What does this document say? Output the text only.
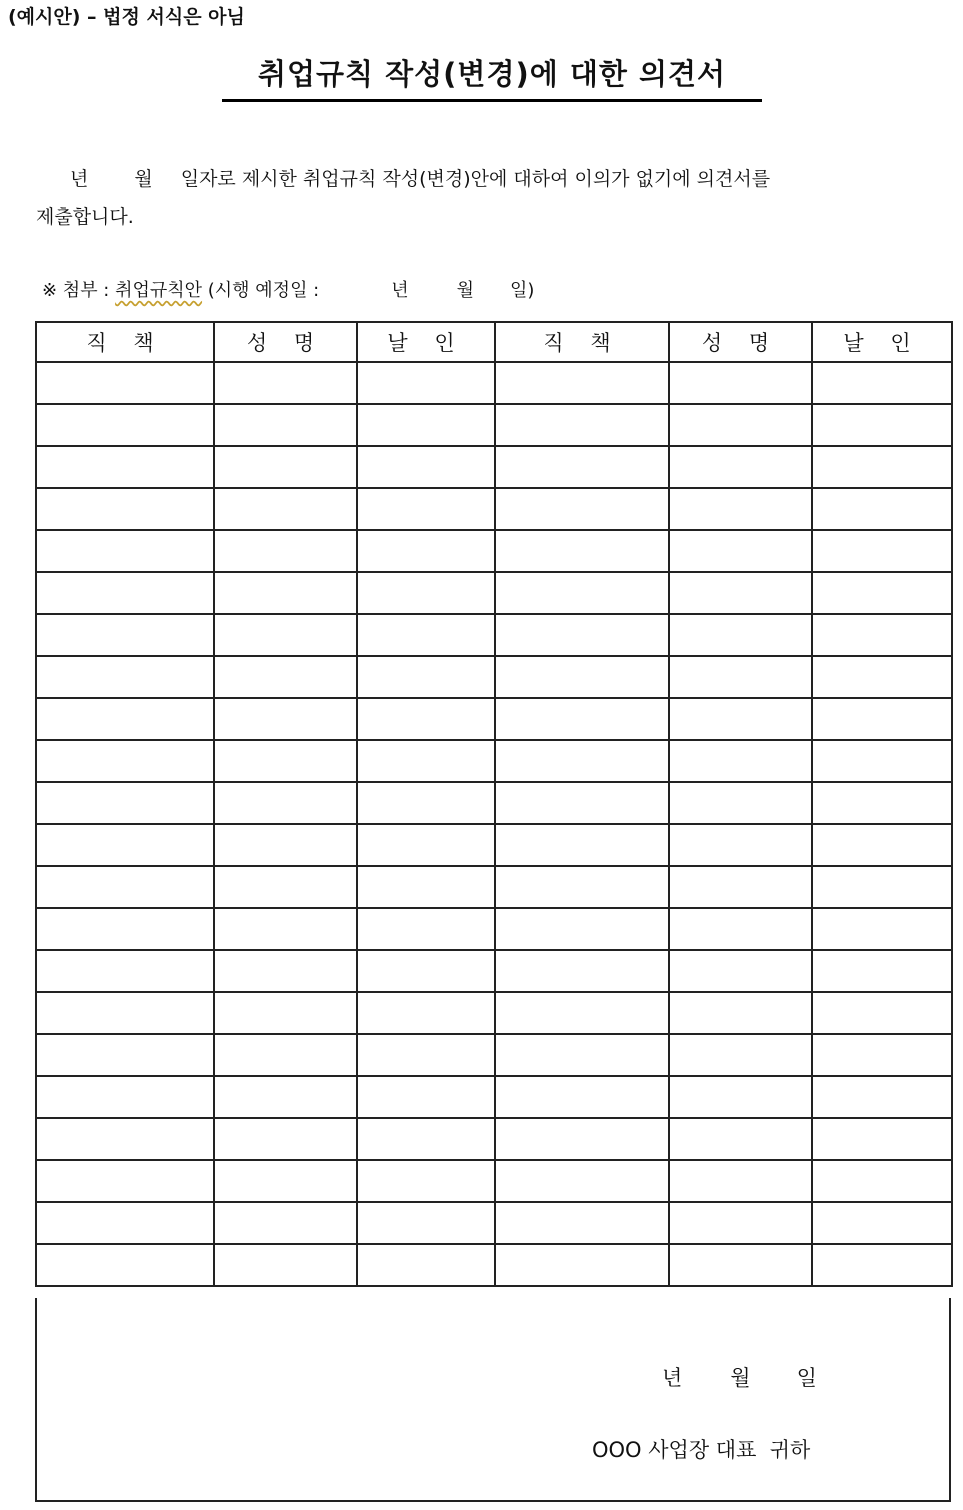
(예시안) – 법정 서식은 아님
취업규칙 작성(변경)에 대한 의견서
년 월 일자로 제시한 취업규칙 작성(변경)안에 대하여 이의가 없기에 의견서를
제출합니다.
※ 첨부 : 취업규칙안 (시행 예정일 :	년	월 일)
직 책	성 명	날 인	직 책	성 명	날 인

년 월 일
OOO 사업장 대표  귀하
